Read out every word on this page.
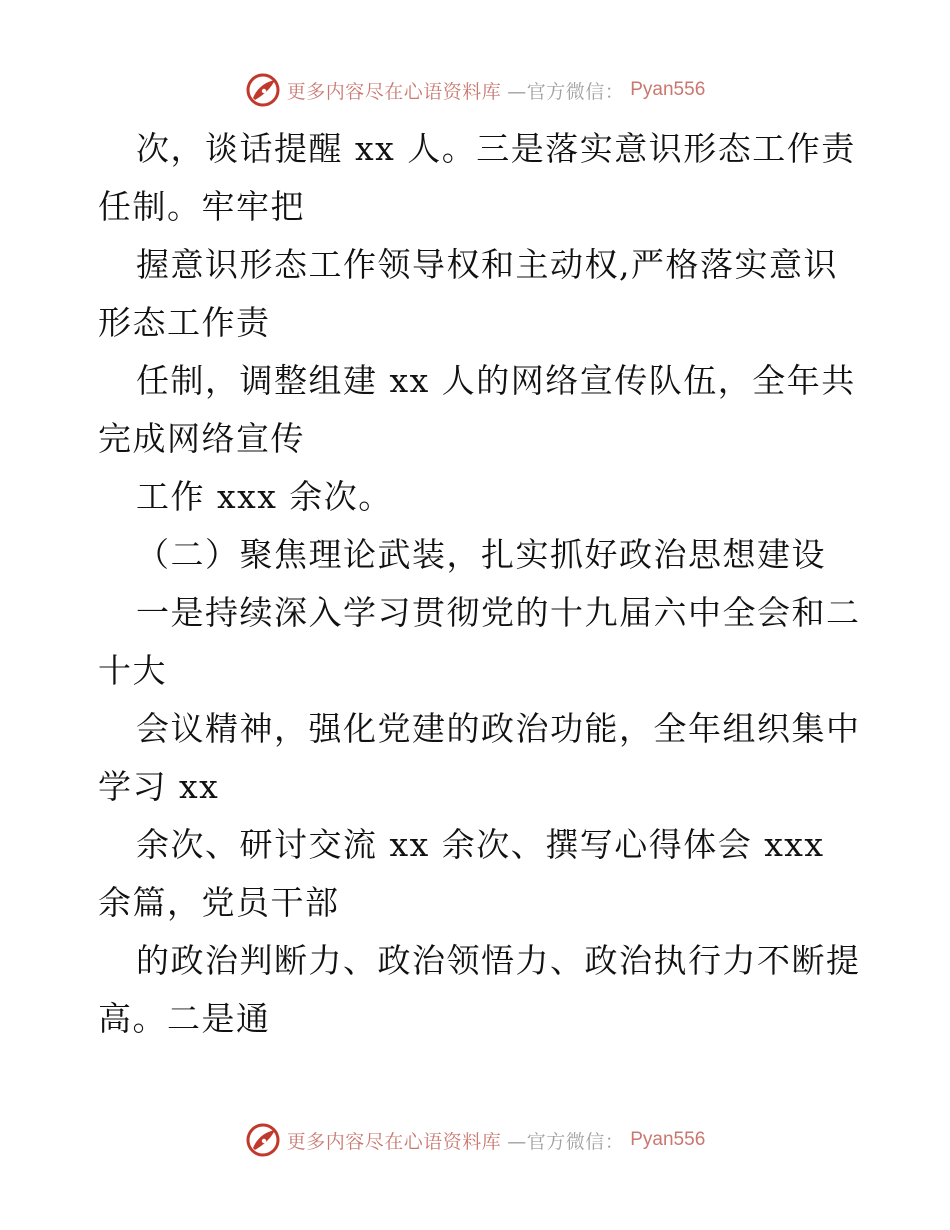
更多内容尽在心语资料库 —官方微信： Pyan556
次，谈话提醒 xx 人。三是落实意识形态工作责
任制。牢牢把
握意识形态工作领导权和主动权,严格落实意识
形态工作责
任制，调整组建 xx 人的网络宣传队伍，全年共
完成网络宣传
工作 xxx 余次。
（二）聚焦理论武装，扎实抓好政治思想建设
一是持续深入学习贯彻党的十九届六中全会和二
十大
会议精神，强化党建的政治功能，全年组织集中
学习 xx
余次、研讨交流 xx 余次、撰写心得体会 xxx
余篇，党员干部
的政治判断力、政治领悟力、政治执行力不断提
高。二是通
更多内容尽在心语资料库 —官方微信： Pyan556
